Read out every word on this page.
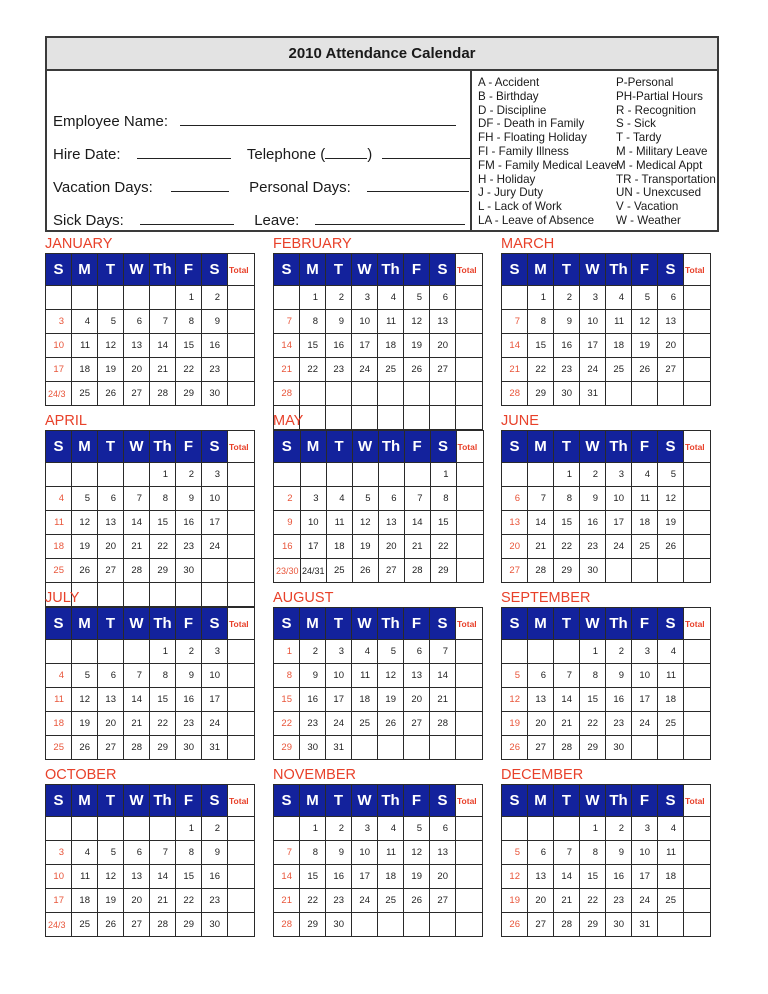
2010 Attendance Calendar
Employee Name:
Hire Date:	Telephone (	)
Vacation Days:	Personal Days:
Sick Days:	Leave:
A - Accident
B - Birthday
D - Discipline
DF - Death in Family
FH - Floating Holiday
FI - Family Illness
FM - Family Medical Leave
H - Holiday
J - Jury Duty
L - Lack of Work
LA - Leave of Absence
P-Personal
PH-Partial Hours
R - Recognition
S - Sick
T - Tardy
M - Military Leave
M - Medical Appt
TR - Transportation
UN - Unexcused
V - Vacation
W - Weather
JANUARY
S	M	T	W	Th	F	S	Total
					1	2	
3	4	5	6	7	8	9	
10	11	12	13	14	15	16	
17	18	19	20	21	22	23	
24/3	25	26	27	28	29	30	
FEBRUARY
S	M	T	W	Th	F	S	Total
	1	2	3	4	5	6	
7	8	9	10	11	12	13	
14	15	16	17	18	19	20	
21	22	23	24	25	26	27	
28							

MARCH
S	M	T	W	Th	F	S	Total
	1	2	3	4	5	6	
7	8	9	10	11	12	13	
14	15	16	17	18	19	20	
21	22	23	24	25	26	27	
28	29	30	31				
APRIL
S	M	T	W	Th	F	S	Total
				1	2	3	
4	5	6	7	8	9	10	
11	12	13	14	15	16	17	
18	19	20	21	22	23	24	
25	26	27	28	29	30		

MAY
S	M	T	W	Th	F	S	Total
						1	
2	3	4	5	6	7	8	
9	10	11	12	13	14	15	
16	17	18	19	20	21	22	
23/30	24/31	25	26	27	28	29	
JUNE
S	M	T	W	Th	F	S	Total
		1	2	3	4	5	
6	7	8	9	10	11	12	
13	14	15	16	17	18	19	
20	21	22	23	24	25	26	
27	28	29	30				
JULY
S	M	T	W	Th	F	S	Total
				1	2	3	
4	5	6	7	8	9	10	
11	12	13	14	15	16	17	
18	19	20	21	22	23	24	
25	26	27	28	29	30	31	
AUGUST
S	M	T	W	Th	F	S	Total
1	2	3	4	5	6	7	
8	9	10	11	12	13	14	
15	16	17	18	19	20	21	
22	23	24	25	26	27	28	
29	30	31					
SEPTEMBER
S	M	T	W	Th	F	S	Total
			1	2	3	4	
5	6	7	8	9	10	11	
12	13	14	15	16	17	18	
19	20	21	22	23	24	25	
26	27	28	29	30			
OCTOBER
S	M	T	W	Th	F	S	Total
					1	2	
3	4	5	6	7	8	9	
10	11	12	13	14	15	16	
17	18	19	20	21	22	23	
24/3	25	26	27	28	29	30	
NOVEMBER
S	M	T	W	Th	F	S	Total
	1	2	3	4	5	6	
7	8	9	10	11	12	13	
14	15	16	17	18	19	20	
21	22	23	24	25	26	27	
28	29	30					
DECEMBER
S	M	T	W	Th	F	S	Total
			1	2	3	4	
5	6	7	8	9	10	11	
12	13	14	15	16	17	18	
19	20	21	22	23	24	25	
26	27	28	29	30	31		
